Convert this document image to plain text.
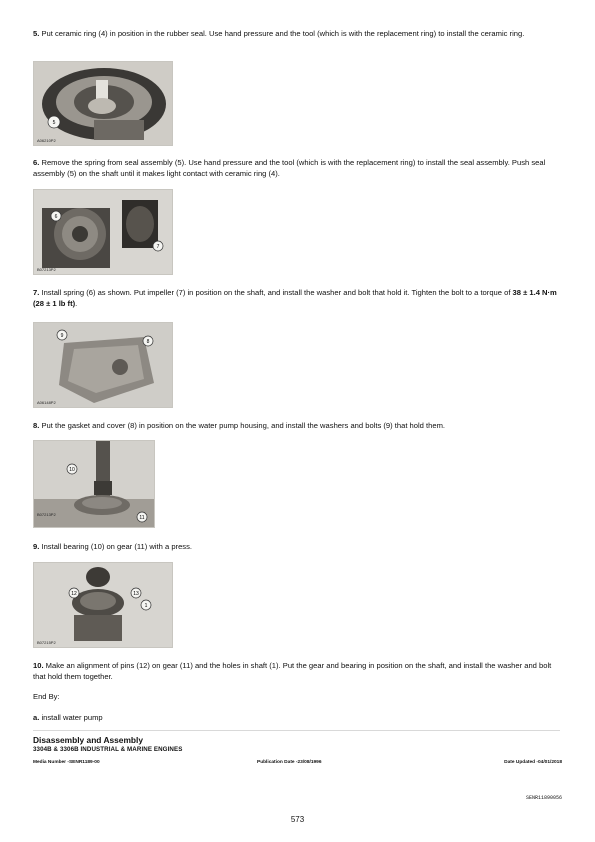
5. Put ceramic ring (4) in position in the rubber seal. Use hand pressure and the tool (which is with the replacement ring) to install the ceramic ring.
5
A06210P2
6. Remove the spring from seal assembly (5). Use hand pressure and the tool (which is with the replacement ring) to install the seal assembly. Push seal assembly (5) on the shaft until it makes light contact with ceramic ring (4).
6
7
B07213P2
7. Install spring (6) as shown. Put impeller (7) in position on the shaft, and install the washer and bolt that hold it. Tighten the bolt to a torque of 38 ± 1.4 N·m (28 ± 1 lb ft).
9
8
A06148P2
8. Put the gasket and cover (8) in position on the water pump housing, and install the washers and bolts (9) that hold them.
10
11
B07213P2
9. Install bearing (10) on gear (11) with a press.
12	13
1
B07215P2
10. Make an alignment of pins (12) on gear (11) and the holes in shaft (1). Put the gear and bearing in position on the shaft, and install the washer and bolt that hold them together.
End By:
a. install water pump
Disassembly and Assembly
3304B & 3306B INDUSTRIAL & MARINE ENGINES
Media Number -SENR1189-00	Publication Date -23/08/1996	Date Updated -04/01/2018
SENR11890056
573
